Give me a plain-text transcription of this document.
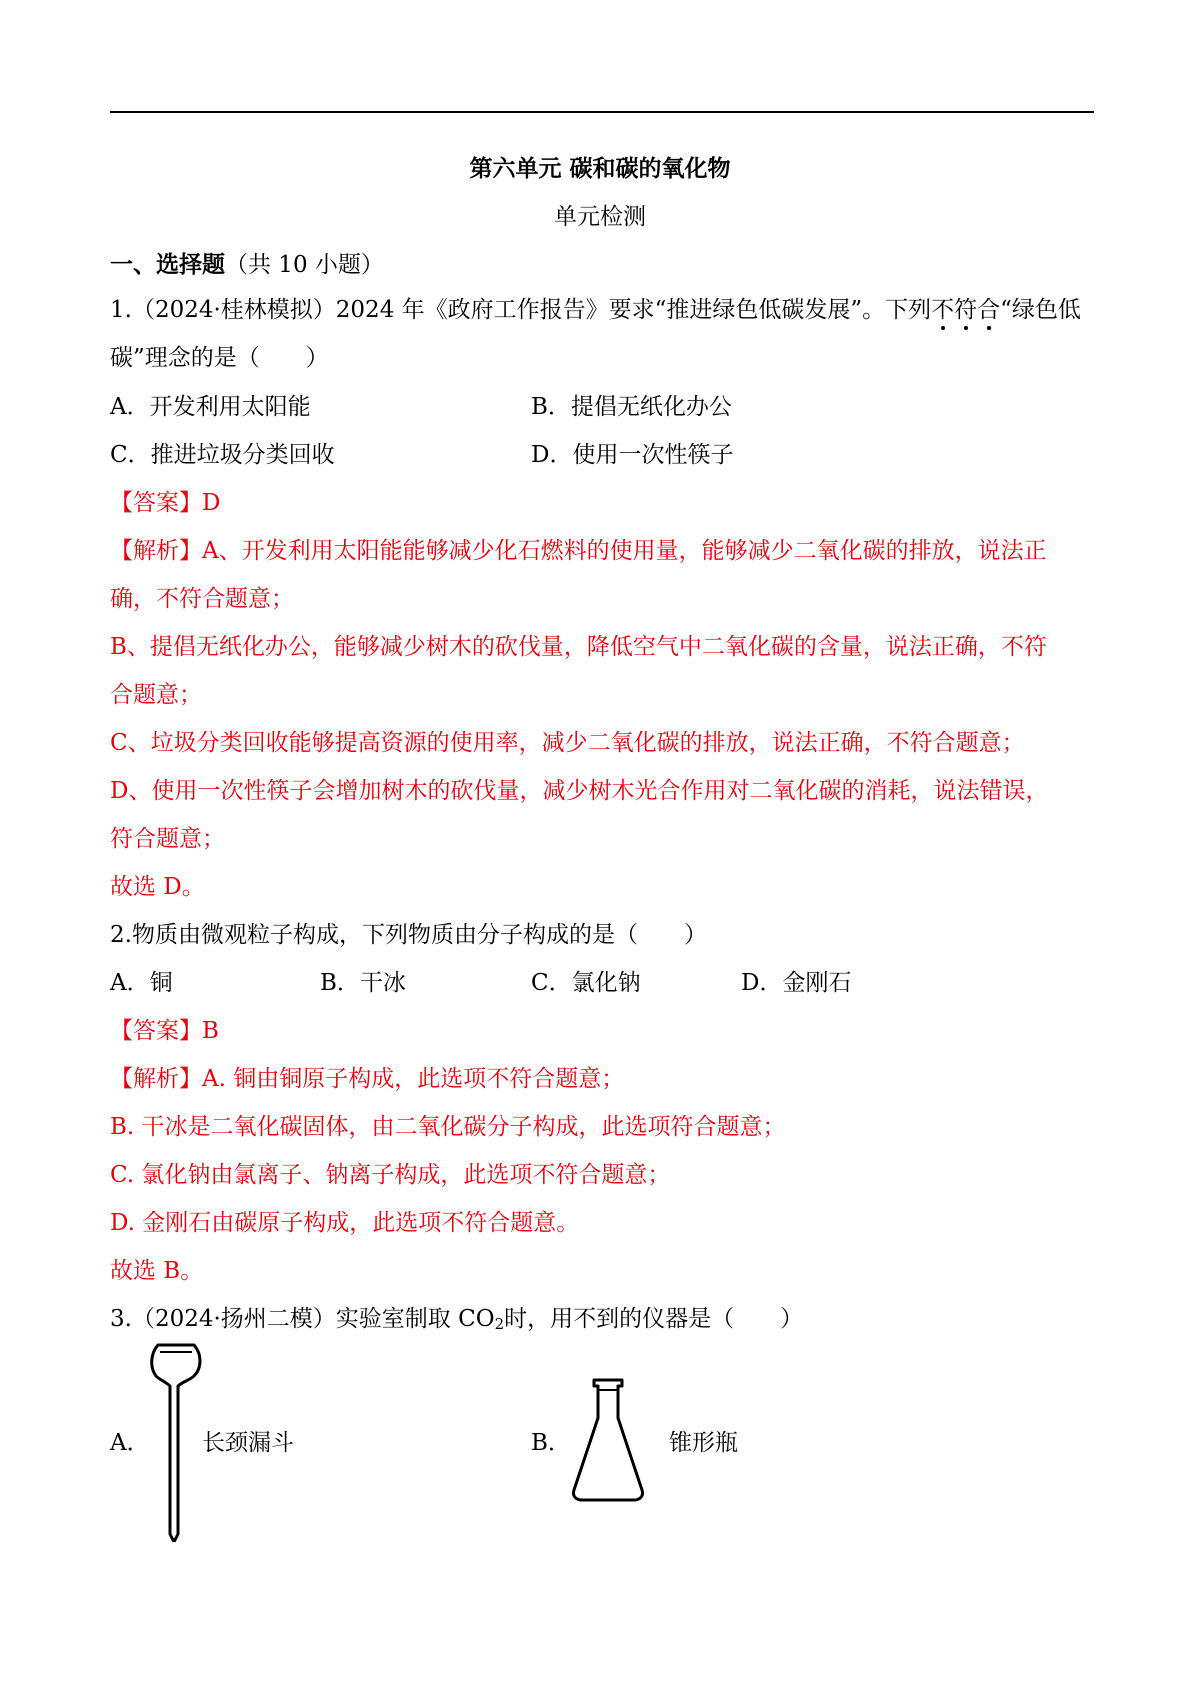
第六单元 碳和碳的氧化物
单元检测
一、选择题（共 10 小题）
1.（2024·桂林模拟）2024 年《政府工作报告》要求“推进绿色低碳发展”。下列不符合“绿色低
碳”理念的是（　　）
A．开发利用太阳能	B．提倡无纸化办公
C．推进垃圾分类回收	D．使用一次性筷子
【答案】D
【解析】A、开发利用太阳能能够减少化石燃料的使用量，能够减少二氧化碳的排放，说法正
确，不符合题意；
B、提倡无纸化办公，能够减少树木的砍伐量，降低空气中二氧化碳的含量，说法正确，不符
合题意；
C、垃圾分类回收能够提高资源的使用率，减少二氧化碳的排放，说法正确，不符合题意；
D、使用一次性筷子会增加树木的砍伐量，减少树木光合作用对二氧化碳的消耗，说法错误，
符合题意；
故选 D。
2.物质由微观粒子构成，下列物质由分子构成的是（　　）
A．铜	B．干冰	C．氯化钠	D．金刚石
【答案】B
【解析】A. 铜由铜原子构成，此选项不符合题意；
B. 干冰是二氧化碳固体，由二氧化碳分子构成，此选项符合题意；
C. 氯化钠由氯离子、钠离子构成，此选项不符合题意；
D. 金刚石由碳原子构成，此选项不符合题意。
故选 B。
3.（2024·扬州二模）实验室制取 $CO_2$时，用不到的仪器是（　　）
A． 长颈漏斗	B．	锥形瓶
